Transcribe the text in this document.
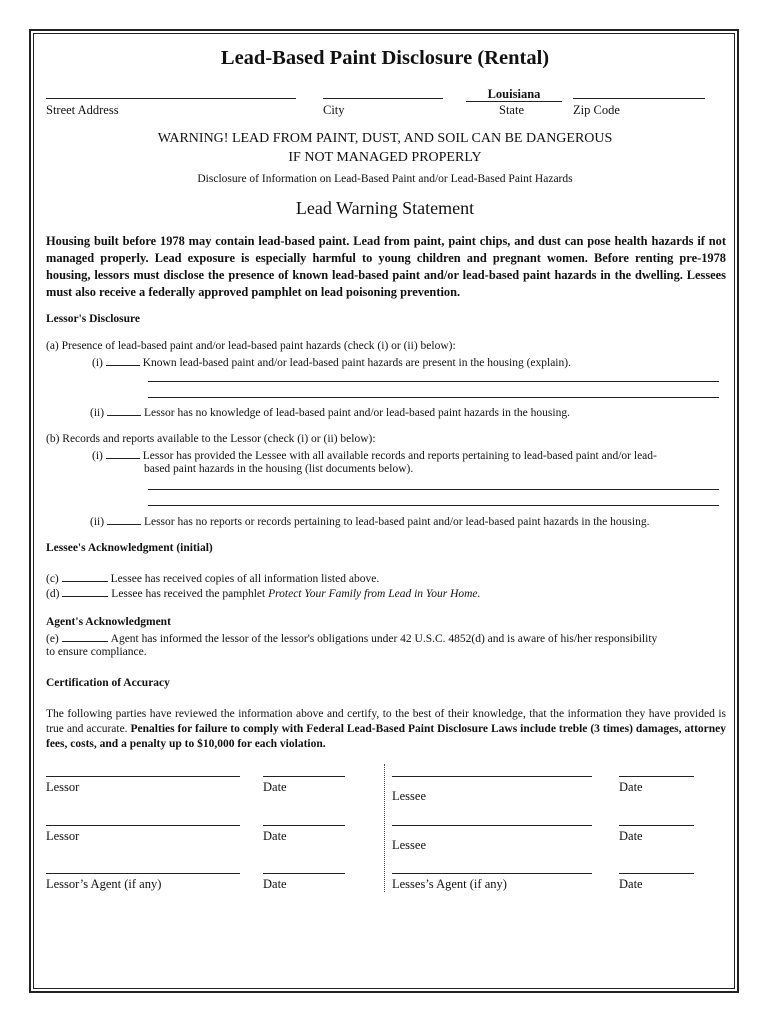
Lead-Based Paint Disclosure (Rental)
Louisiana
Street Address	City	State	Zip Code
WARNING! LEAD FROM PAINT, DUST, AND SOIL CAN BE DANGEROUS
IF NOT MANAGED PROPERLY
Disclosure of Information on Lead-Based Paint and/or Lead-Based Paint Hazards
Lead Warning Statement
Housing built before 1978 may contain lead-based paint. Lead from paint, paint chips, and dust can pose health hazards if not managed properly. Lead exposure is especially harmful to young children and pregnant women. Before renting pre-1978 housing, lessors must disclose the presence of known lead-based paint and/or lead-based paint hazards in the dwelling. Lessees must also receive a federally approved pamphlet on lead poisoning prevention.
Lessor's Disclosure
(a) Presence of lead-based paint and/or lead-based paint hazards (check (i) or (ii) below):
(i)	Known lead-based paint and/or lead-based paint hazards are present in the housing (explain).
(ii)	Lessor has no knowledge of lead-based paint and/or lead-based paint hazards in the housing.
(b) Records and reports available to the Lessor (check (i) or (ii) below):
(i)	Lessor has provided the Lessee with all available records and reports pertaining to lead-based paint and/or lead-
based paint hazards in the housing (list documents below).
(ii)	Lessor has no reports or records pertaining to lead-based paint and/or lead-based paint hazards in the housing.
Lessee's Acknowledgment (initial)
(c)	Lessee has received copies of all information listed above.
(d)	Lessee has received the pamphlet Protect Your Family from Lead in Your Home.
Agent's Acknowledgment
(e)	Agent has informed the lessor of the lessor's obligations under 42 U.S.C. 4852(d) and is aware of his/her responsibility
to ensure compliance.
Certification of Accuracy
The following parties have reviewed the information above and certify, to the best of their knowledge, that the information they have provided is true and accurate. Penalties for failure to comply with Federal Lead-Based Paint Disclosure Laws include treble (3 times) damages, attorney fees, costs, and a penalty up to $10,000 for each violation.
Lessor	Date
Lessor	Date
Lessor’s Agent (if any)	Date
Lessee
Date
Lessee
Date
Lesses’s Agent (if any)	Date
